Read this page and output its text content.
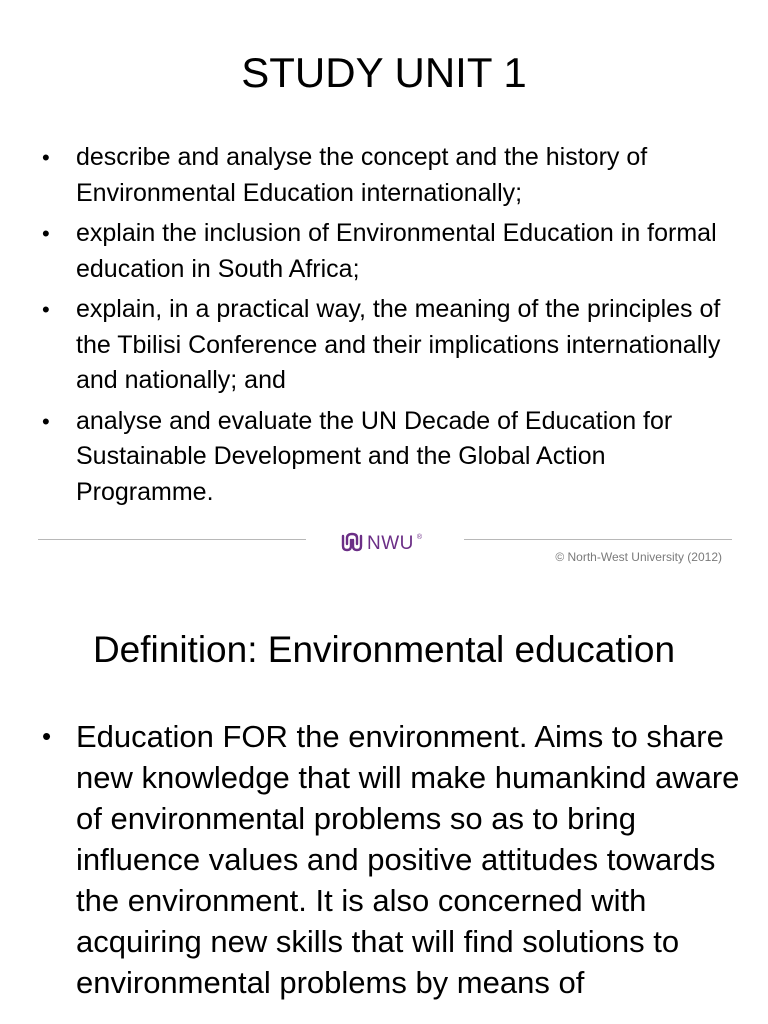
STUDY UNIT 1
• describe and analyse the concept and the history of Environmental Education internationally;
• explain the inclusion of Environmental Education in formal education in South Africa;
• explain, in a practical way, the meaning of the principles of the Tbilisi Conference and their implications internationally and nationally; and
• analyse and evaluate the UN Decade of Education for Sustainable Development and the Global Action Programme.
NWU ®
© North-West University (2012)
Definition: Environmental education
• Education FOR the environment. Aims to share new knowledge that will make humankind aware of environmental problems so as to bring influence values and positive attitudes towards the environment. It is also concerned with acquiring new skills that will find solutions to environmental problems by means of
